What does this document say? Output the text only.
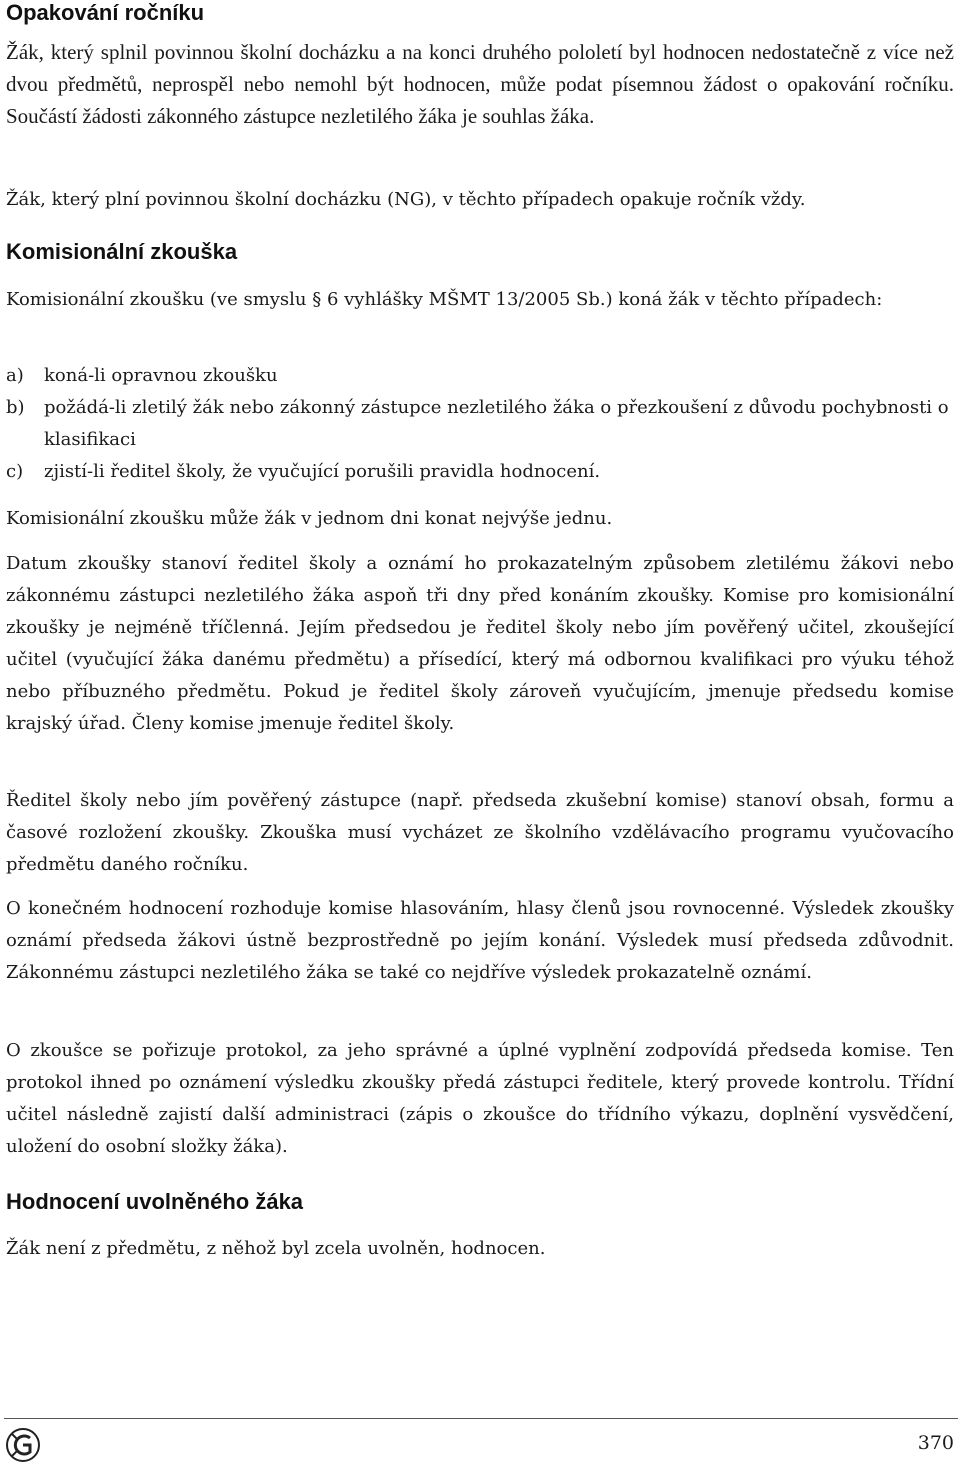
Opakování ročníku

Žák, který splnil povinnou školní docházku a na konci druhého pololetí byl hodnocen nedostatečně z více než dvou předmětů, neprospěl nebo nemohl být hodnocen, může podat písemnou žádost o opakování ročníku. Součástí žádosti zákonného zástupce nezletilého žáka je souhlas žáka.

Žák, který plní povinnou školní docházku (NG), v těchto případech opakuje ročník vždy.

Komisionální zkouška

Komisionální zkoušku (ve smyslu § 6 vyhlášky MŠMT 13/2005 Sb.) koná žák v těchto případech:

a)	koná-li opravnou zkoušku
b)	požádá-li zletilý žák nebo zákonný zástupce nezletilého žáka o přezkoušení z důvodu pochybnosti o klasifikaci
c)	zjistí-li ředitel školy, že vyučující porušili pravidla hodnocení.

Komisionální zkoušku může žák v jednom dni konat nejvýše jednu.

Datum zkoušky stanoví ředitel školy a oznámí ho prokazatelným způsobem zletilému žákovi nebo zákonnému zástupci nezletilého žáka aspoň tři dny před konáním zkoušky. Komise pro komisionální zkoušky je nejméně tříčlenná. Jejím předsedou je ředitel školy nebo jím pověřený učitel, zkoušející učitel (vyučující žáka danému předmětu) a přísedící, který má odbornou kvalifikaci pro výuku téhož nebo příbuzného předmětu. Pokud je ředitel školy zároveň vyučujícím, jmenuje předsedu komise krajský úřad. Členy komise jmenuje ředitel školy.

Ředitel školy nebo jím pověřený zástupce (např. předseda zkušební komise) stanoví obsah, formu a časové rozložení zkoušky. Zkouška musí vycházet ze školního vzdělávacího programu vyučovacího předmětu daného ročníku.

O konečném hodnocení rozhoduje komise hlasováním, hlasy členů jsou rovnocenné. Výsledek zkoušky oznámí předseda žákovi ústně bezprostředně po jejím konání. Výsledek musí předseda zdůvodnit. Zákonnému zástupci nezletilého žáka se také co nejdříve výsledek prokazatelně oznámí.

O zkoušce se pořizuje protokol, za jeho správné a úplné vyplnění zodpovídá předseda komise. Ten protokol ihned po oznámení výsledku zkoušky předá zástupci ředitele, který provede kontrolu. Třídní učitel následně zajistí další administraci (zápis o zkoušce do třídního výkazu, doplnění vysvědčení, uložení do osobní složky žáka).

Hodnocení uvolněného žáka

Žák není z předmětu, z něhož byl zcela uvolněn, hodnocen.

370
